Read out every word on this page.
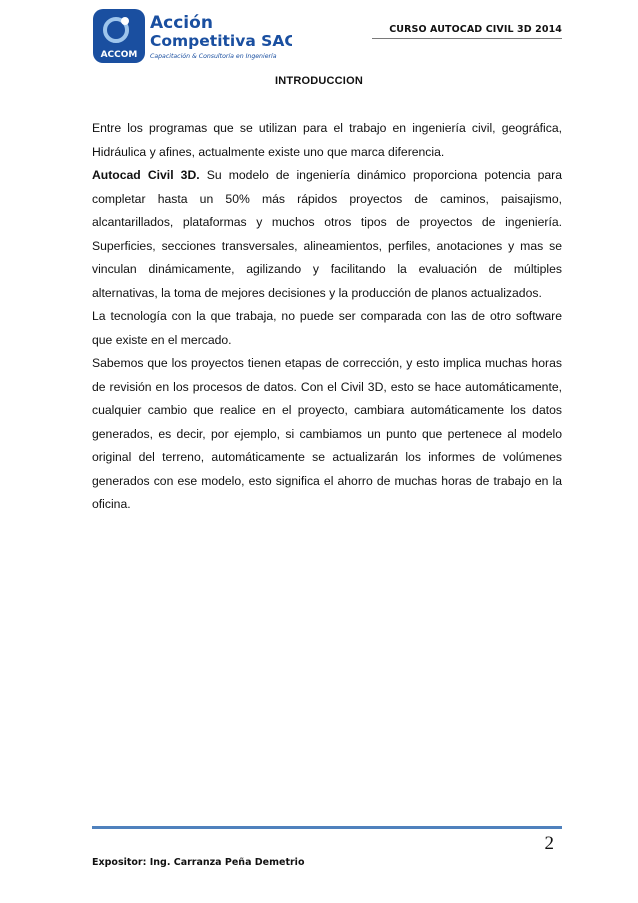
ACCOM
Acción
Competitiva SAC
Capacitación & Consultoría en Ingeniería
CURSO AUTOCAD CIVIL 3D 2014
INTRODUCCION

Entre los programas que se utilizan para el trabajo en ingeniería civil, geográfica, Hidráulica y afines, actualmente existe uno que marca diferencia.

Autocad Civil 3D. Su modelo de ingeniería dinámico proporciona potencia para completar hasta un 50% más rápidos proyectos de caminos, paisajismo, alcantarillados, plataformas y muchos otros tipos de proyectos de ingeniería. Superficies, secciones transversales, alineamientos, perfiles, anotaciones y mas se vinculan dinámicamente, agilizando y facilitando la evaluación de múltiples alternativas, la toma de mejores decisiones y la producción de planos actualizados.

La tecnología con la que trabaja, no puede ser comparada con las de otro software que existe en el mercado.

Sabemos que los proyectos tienen etapas de corrección, y esto implica muchas horas de revisión en los procesos de datos. Con el Civil 3D, esto se hace automáticamente, cualquier cambio que realice en el proyecto, cambiara automáticamente los datos generados, es decir, por ejemplo, si cambiamos un punto que pertenece al modelo original del terreno, automáticamente se actualizarán los informes de volúmenes generados con ese modelo, esto significa el ahorro de muchas horas de trabajo en la oficina.

2
Expositor: Ing. Carranza Peña Demetrio
